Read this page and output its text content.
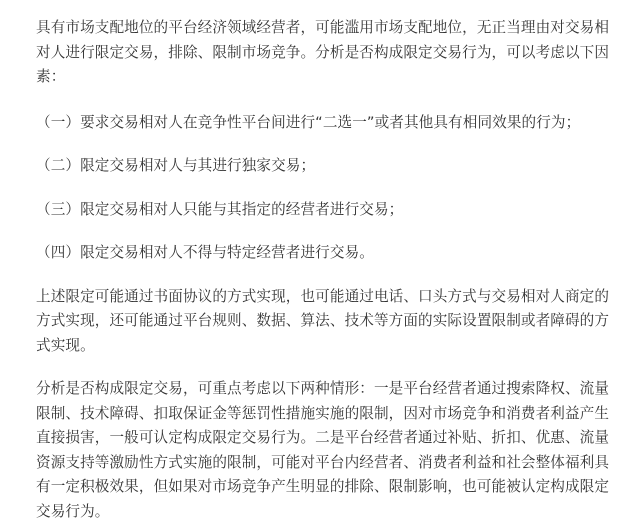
具有市场支配地位的平台经济领域经营者，可能滥用市场支配地位，无正当理由对交易相对人进行限定交易，排除、限制市场竞争。分析是否构成限定交易行为，可以考虑以下因素：

（一）要求交易相对人在竞争性平台间进行“二选一”或者其他具有相同效果的行为；

（二）限定交易相对人与其进行独家交易；

（三）限定交易相对人只能与其指定的经营者进行交易；

（四）限定交易相对人不得与特定经营者进行交易。

上述限定可能通过书面协议的方式实现，也可能通过电话、口头方式与交易相对人商定的方式实现，还可能通过平台规则、数据、算法、技术等方面的实际设置限制或者障碍的方式实现。

分析是否构成限定交易，可重点考虑以下两种情形：一是平台经营者通过搜索降权、流量限制、技术障碍、扣取保证金等惩罚性措施实施的限制，因对市场竞争和消费者利益产生直接损害，一般可认定构成限定交易行为。二是平台经营者通过补贴、折扣、优惠、流量资源支持等激励性方式实施的限制，可能对平台内经营者、消费者利益和社会整体福利具有一定积极效果，但如果对市场竞争产生明显的排除、限制影响，也可能被认定构成限定交易行为。
